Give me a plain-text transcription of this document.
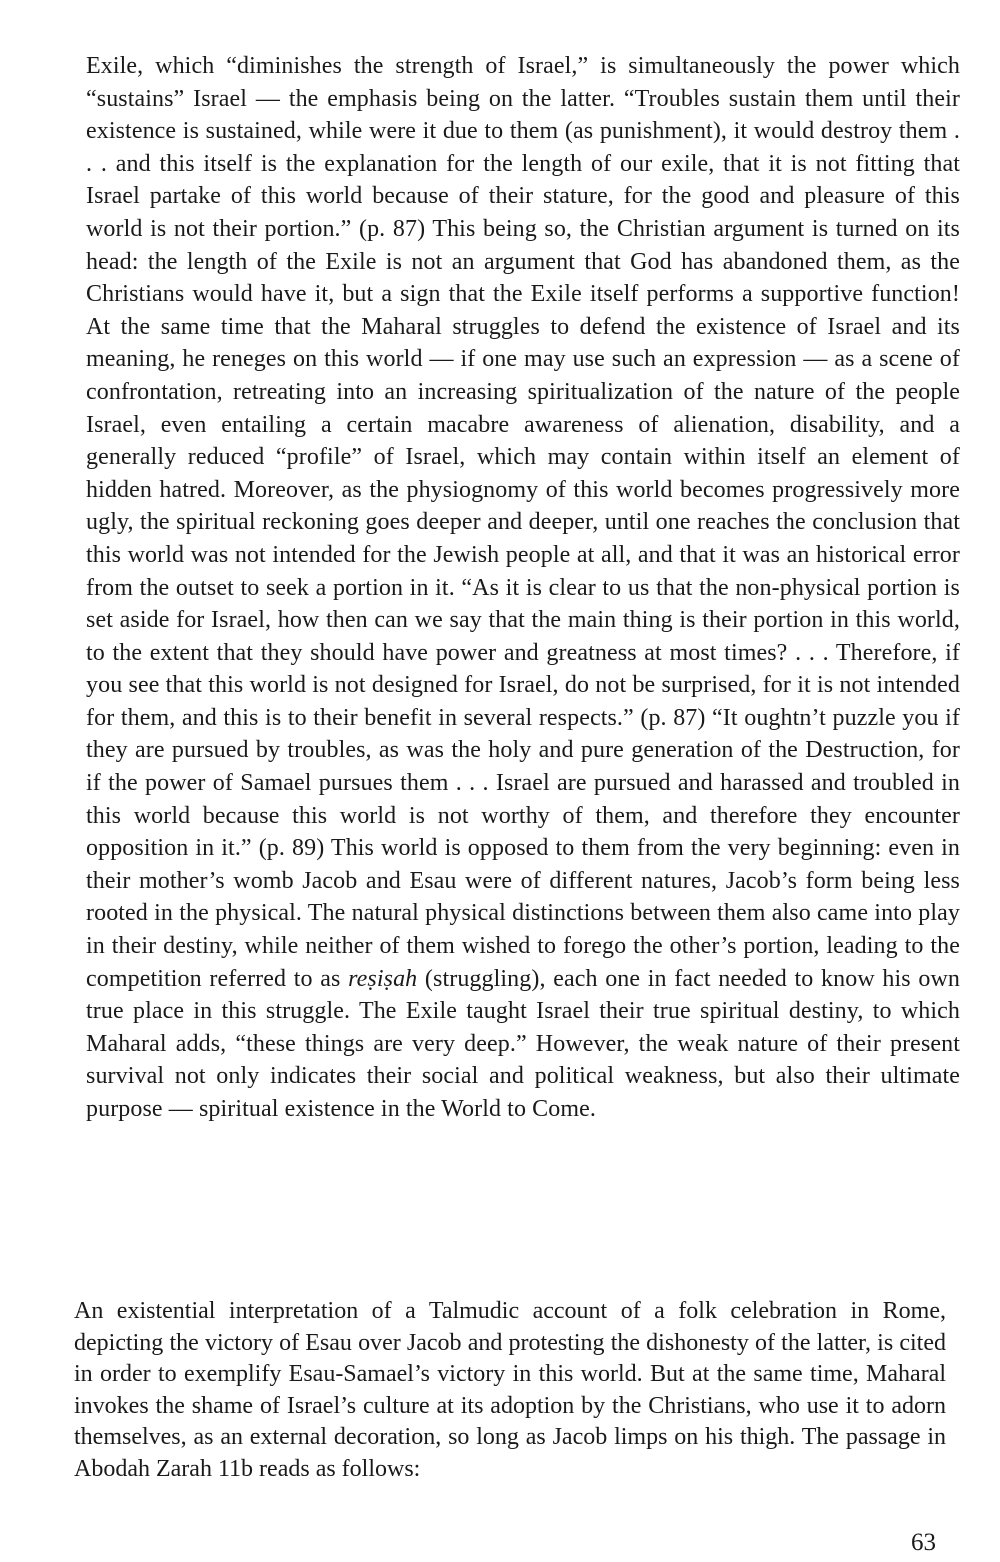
Exile, which “diminishes the strength of Israel,” is simultaneously the power which “sustains” Israel — the emphasis being on the latter. “Troubles sustain them until their existence is sustained, while were it due to them (as punishment), it would destroy them . . . and this itself is the explanation for the length of our exile, that it is not fitting that Israel partake of this world because of their stature, for the good and pleasure of this world is not their portion.” (p. 87) This being so, the Christian argument is turned on its head: the length of the Exile is not an argument that God has abandoned them, as the Christians would have it, but a sign that the Exile itself performs a supportive function! At the same time that the Maharal struggles to defend the existence of Israel and its meaning, he reneges on this world — if one may use such an expression — as a scene of confrontation, retreating into an increasing spiritualization of the nature of the people Israel, even entailing a certain macabre awareness of alienation, disability, and a generally reduced “profile” of Israel, which may contain within itself an element of hidden hatred. Moreover, as the physiognomy of this world becomes progressively more ugly, the spiritual reckoning goes deeper and deeper, until one reaches the conclusion that this world was not intended for the Jewish people at all, and that it was an historical error from the outset to seek a portion in it. “As it is clear to us that the non-physical portion is set aside for Israel, how then can we say that the main thing is their portion in this world, to the extent that they should have power and greatness at most times? . . . Therefore, if you see that this world is not designed for Israel, do not be surprised, for it is not intended for them, and this is to their benefit in several respects.” (p. 87) “It oughtn’t puzzle you if they are pursued by troubles, as was the holy and pure generation of the Destruction, for if the power of Samael pursues them . . . Israel are pursued and harassed and troubled in this world because this world is not worthy of them, and therefore they encounter opposition in it.” (p. 89) This world is opposed to them from the very beginning: even in their mother’s womb Jacob and Esau were of different natures, Jacob’s form being less rooted in the physical. The natural physical distinctions between them also came into play in their destiny, while neither of them wished to forego the other’s portion, leading to the competition referred to as reṣiṣah (struggling), each one in fact needed to know his own true place in this struggle. The Exile taught Israel their true spiritual destiny, to which Maharal adds, “these things are very deep.” However, the weak nature of their present survival not only indicates their social and political weakness, but also their ultimate purpose — spiritual existence in the World to Come.

An existential interpretation of a Talmudic account of a folk celebration in Rome, depicting the victory of Esau over Jacob and protesting the dishonesty of the latter, is cited in order to exemplify Esau-Samael’s victory in this world. But at the same time, Maharal invokes the shame of Israel’s culture at its adoption by the Christians, who use it to adorn themselves, as an external decoration, so long as Jacob limps on his thigh. The passage in Abodah Zarah 11b reads as follows:

63
